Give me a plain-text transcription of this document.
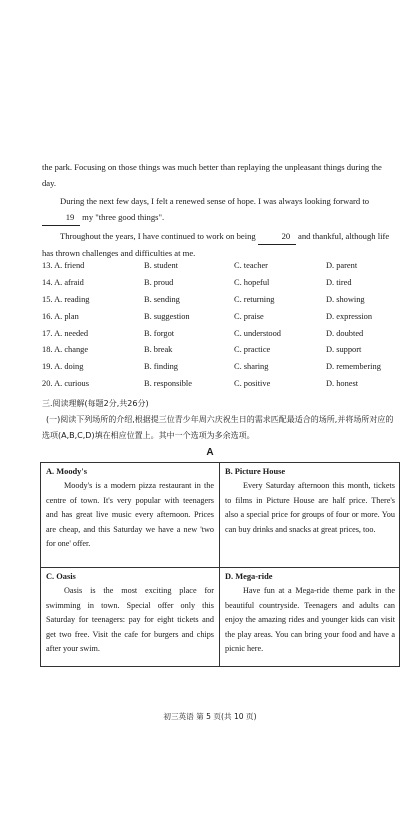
the park. Focusing on those things was much better than replaying the unpleasant things during the day.
During the next few days, I felt a renewed sense of hope. I was always looking forward to 19 my "three good things".
Throughout the years, I have continued to work on being	20 and thankful, although life has thrown challenges and difficulties at me.
13. A. friend	B. student	C. teacher	D. parent
14. A. afraid	B. proud	C. hopeful	D. tired
15. A. reading	B. sending	C. returning	D. showing
16. A. plan	B. suggestion	C. praise	D. expression
17. A. needed	B. forgot	C. understood	D. doubted
18. A. change	B. break	C. practice	D. support
19. A. doing	B. finding	C. sharing	D. remembering
20. A. curious	B. responsible	C. positive	D. honest
三.阅读理解(每题2分,共26分)
(一)阅读下列场所的介绍,根据提三位青少年周六庆祝生日的需求匹配最适合的场所,并将场所对应的选项(A,B,C,D)填在相应位置上。其中一个选项为多余选项。
A
A. Moody's

Moody's is a modern pizza restaurant in the centre of town. It's very popular with teenagers and has great live music every afternoon. Prices are cheap, and this Saturday we have a new 'two for one' offer.

B. Picture House

Every Saturday afternoon this month, tickets to films in Picture House are half price. There's also a special price for groups of four or more. You can buy drinks and snacks at great prices, too.

C. Oasis

Oasis is the most exciting place for swimming in town. Special offer only this Saturday for teenagers: pay for eight tickets and get two free. Visit the cafe for burgers and chips after your swim.

D. Mega-ride

Have fun at a Mega-ride theme park in the beautiful countryside. Teenagers and adults can enjoy the amazing rides and younger kids can visit the play areas. You can bring your food and have a picnic here.

初三英语 第 5 页(共 10 页)
